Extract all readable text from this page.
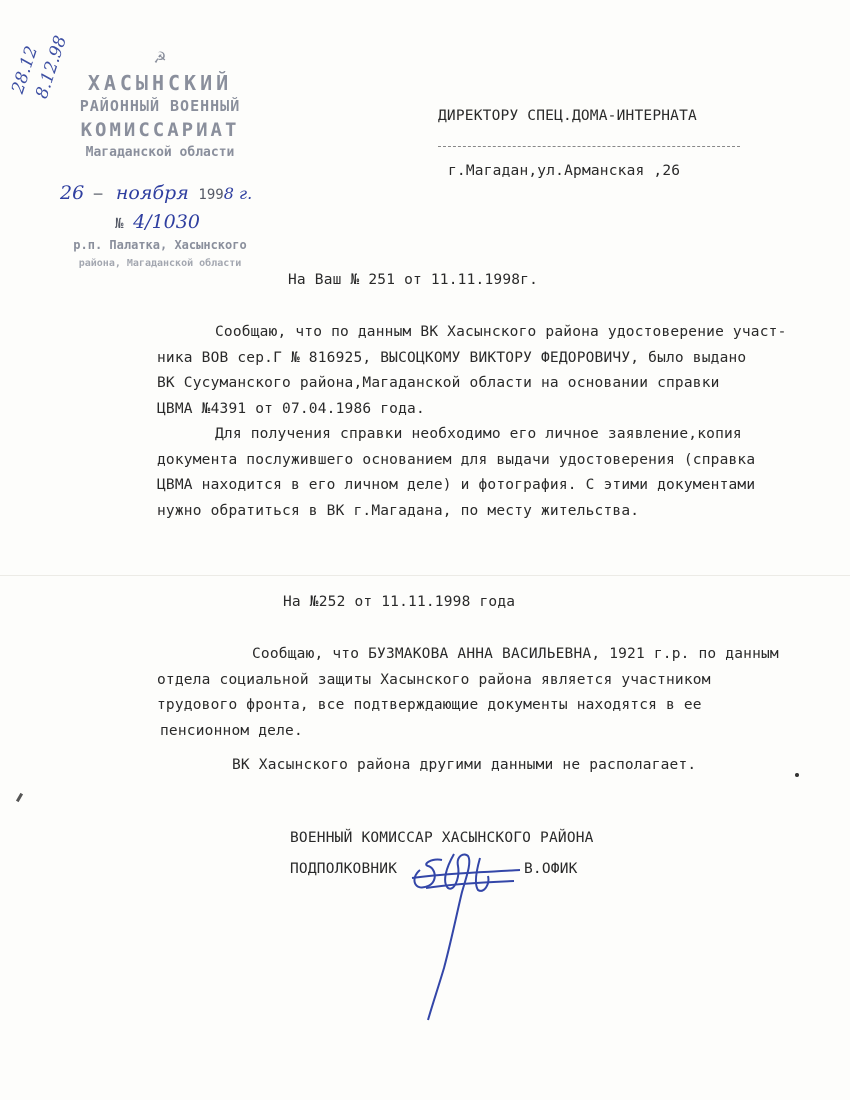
28.12
8.12.98	☭
ХАСЫНСКИЙ
РАЙОННЫЙ ВОЕННЫЙ
КОМИССАРИАТ
Магаданской области
26 ─ ноября 1998 г.
№ 4/1030
р.п. Палатка, Хасынского
района, Магаданской области
ДИРЕКТОРУ СПЕЦ.ДОМА-ИНТЕРНАТА
г.Магадан,ул.Арманская ,26
На Ваш № 251 от 11.11.1998г.
Сообщаю, что по данным ВК Хасынского района удостоверение участ-
ника ВОВ сер.Г № 816925, ВЫСОЦКОМУ ВИКТОРУ ФЕДОРОВИЧУ, было выдано
ВК Сусуманского района,Магаданской области на основании справки
ЦВМА №4391 от 07.04.1986 года.
Для получения справки необходимо его личное заявление,копия
документа послужившего основанием для выдачи удостоверения (справка
ЦВМА находится в его личном деле) и фотография. С этими документами
нужно обратиться в ВК г.Магадана, по месту жительства.
На №252 от 11.11.1998 года
Сообщаю, что БУЗМАКОВА АННА ВАСИЛЬЕВНА, 1921 г.р. по данным
отдела социальной защиты Хасынского района является участником
трудового фронта, все подтверждающие документы находятся в ее
пенсионном деле.
ВК Хасынского района другими данными не располагает.
ВОЕННЫЙ КОМИССАР ХАСЫНСКОГО РАЙОНА
ПОДПОЛКОВНИК	В.ОФИК
